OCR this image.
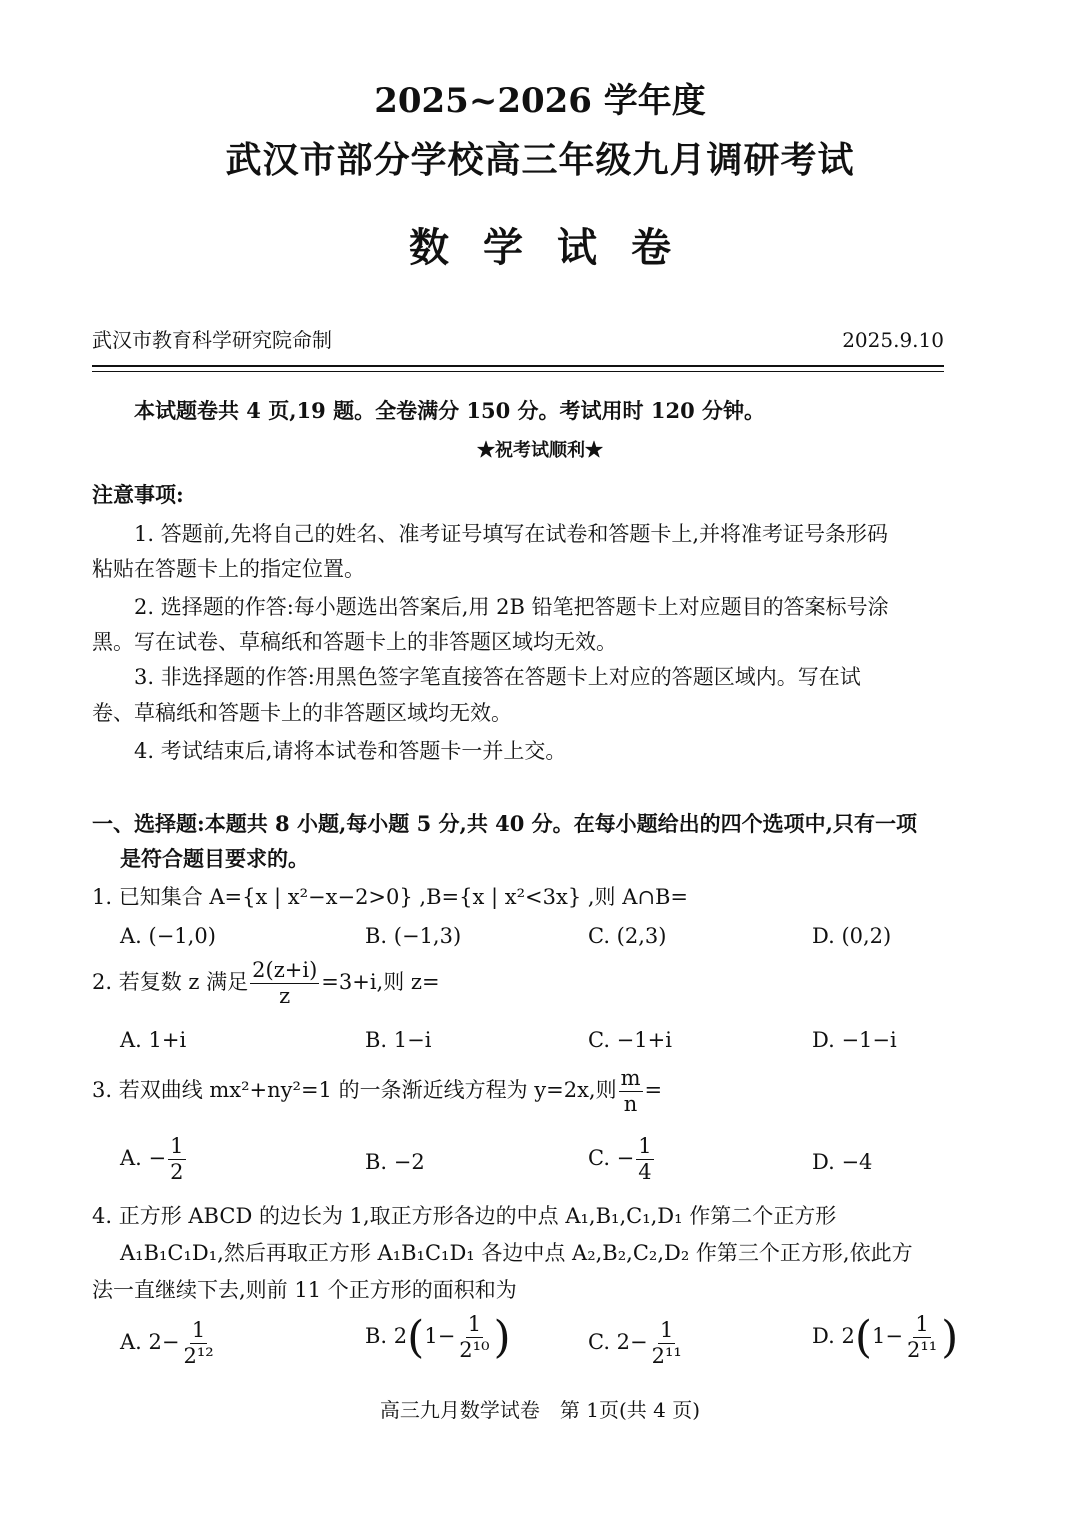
2025~2026 学年度
武汉市部分学校高三年级九月调研考试
数学试卷
武汉市教育科学研究院命制	2025.9.10
本试题卷共 4 页,19 题。全卷满分 150 分。考试用时 120 分钟。
★祝考试顺利★
注意事项:
1. 答题前,先将自己的姓名、准考证号填写在试卷和答题卡上,并将准考证号条形码
粘贴在答题卡上的指定位置。
2. 选择题的作答:每小题选出答案后,用 2B 铅笔把答题卡上对应题目的答案标号涂
黑。写在试卷、草稿纸和答题卡上的非答题区域均无效。
3. 非选择题的作答:用黑色签字笔直接答在答题卡上对应的答题区域内。写在试
卷、草稿纸和答题卡上的非答题区域均无效。
4. 考试结束后,请将本试卷和答题卡一并上交。
一、选择题:本题共 8 小题,每小题 5 分,共 40 分。在每小题给出的四个选项中,只有一项
是符合题目要求的。
1. 已知集合 A={x | x²−x−2>0} ,B={x | x²<3x} ,则 A∩B=
A. (−1,0)	B. (−1,3)	C. (2,3)	D. (0,2)
2. 若复数 z 满足 $\frac{2(z+i)}{z} =3+i$,则 z=
A. 1+i	B. 1−i	C. −1+i	D. −1−i
3. 若双曲线 mx²+ny²=1 的一条渐近线方程为 y=2x,则 $\frac{m}{n}$ =
A. − $\frac{1}{2}$	B. −2	C. − $\frac{1}{4}$	D. −4
4. 正方形 ABCD 的边长为 1,取正方形各边的中点 A₁,B₁,C₁,D₁ 作第二个正方形
A₁B₁C₁D₁,然后再取正方形 A₁B₁C₁D₁ 各边中点 A₂,B₂,C₂,D₂ 作第三个正方形,依此方
法一直继续下去,则前 11 个正方形的面积和为
A. $2- \frac{1}{\text{2¹²}}$	B. $2(1- \frac{1}{\text{2¹⁰}}$ )	C. $2- \frac{1}{\text{2¹¹}}$	D. $2(1- \frac{1}{\text{2¹¹}}$ )
高三九月数学试卷　第 1页(共 4 页)
